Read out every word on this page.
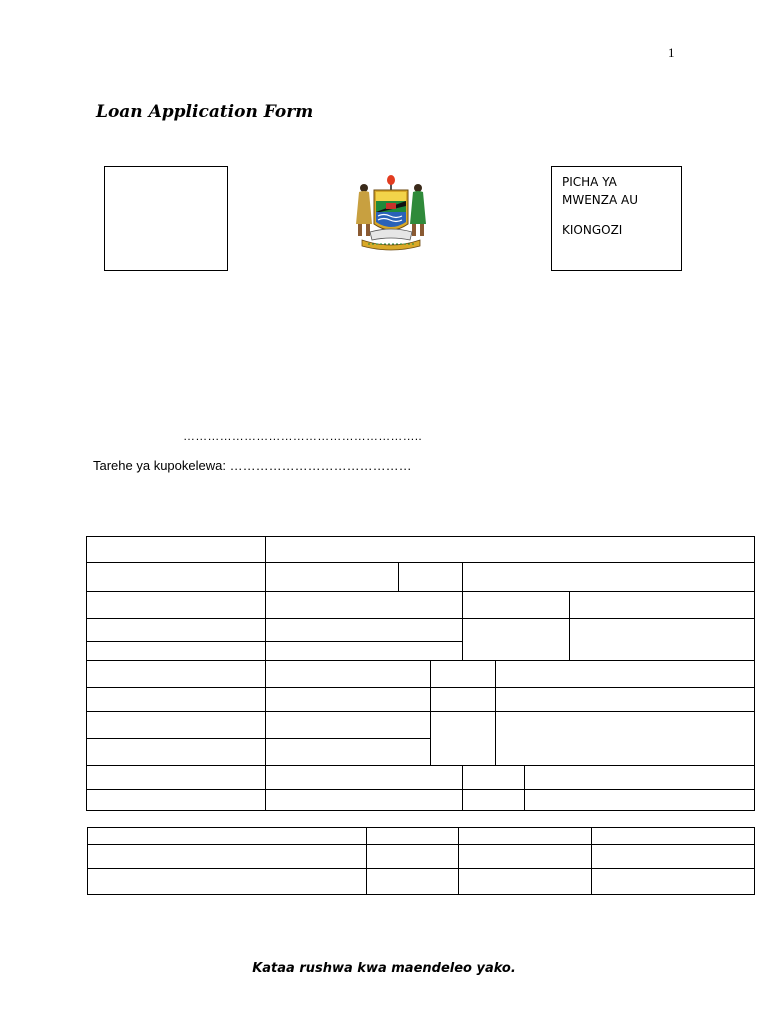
1
Loan Application Form
PICHA YA
MWENZA AU
KIONGOZI
…………………………………………………..
Tarehe ya kupokelewa: ……………………………………

Kataa rushwa kwa maendeleo yako.
